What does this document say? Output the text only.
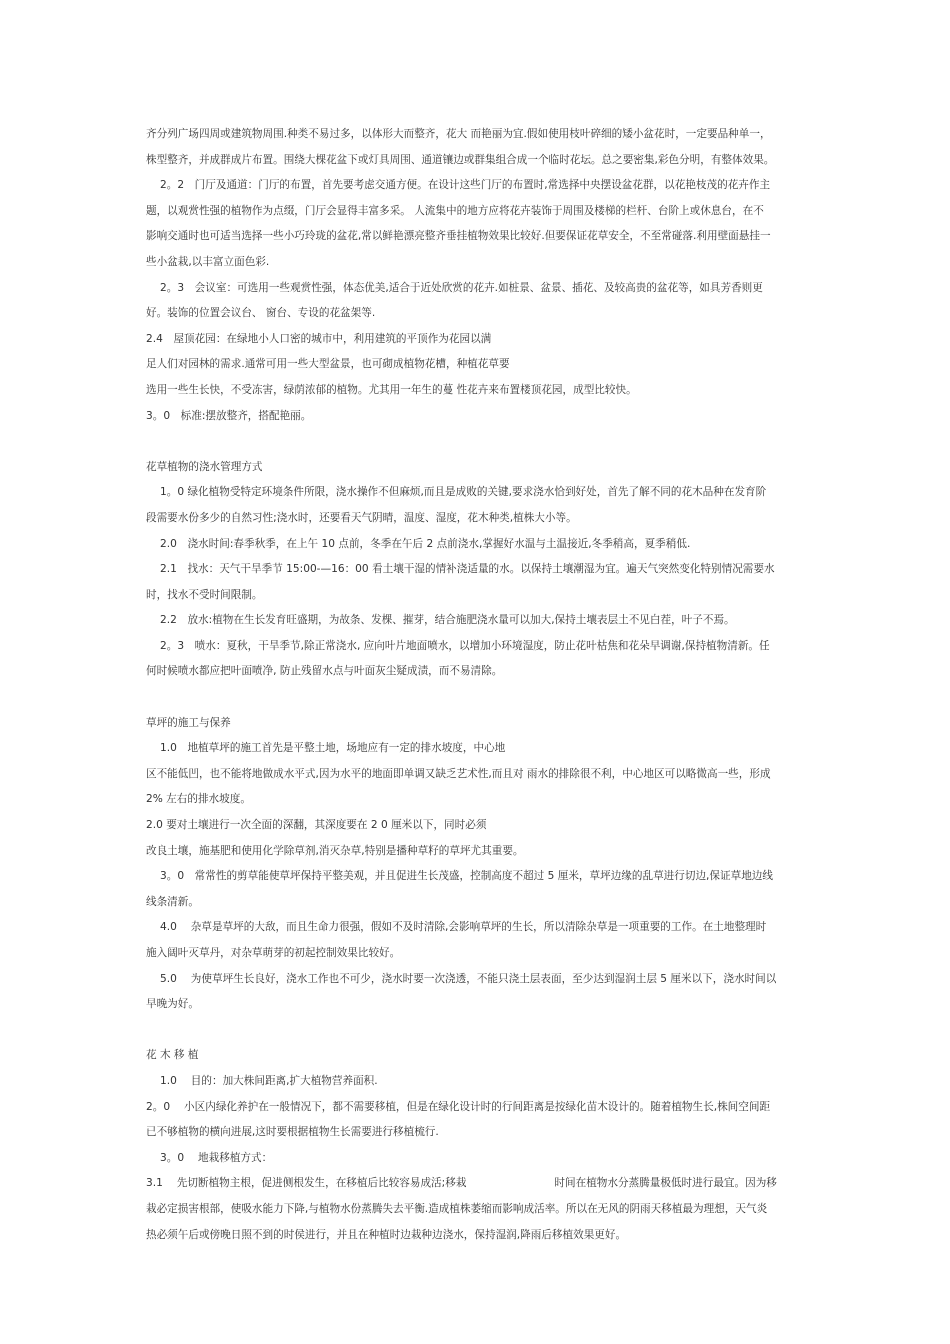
齐分列广场四周或建筑物周围.种类不易过多，以体形大而整齐，花大 而艳丽为宜.假如使用枝叶碎细的矮小盆花时，一定要品种单一，
株型整齐，并成群成片布置。围绕大棵花盆下或灯具周围、通道镶边或群集组合成一个临时花坛。总之要密集,彩色分明，有整体效果。
2。2　门厅及通道：门厅的布置，首先要考虑交通方便。在设计这些门厅的布置时,常选择中央摆设盆花群，以花艳枝茂的花卉作主
题，以观赏性强的植物作为点缀，门厅会显得丰富多采。 人流集中的地方应将花卉装饰于周围及楼梯的栏杆、台阶上或休息台，在不
影响交通时也可适当选择一些小巧玲珑的盆花,常以鲜艳漂亮整齐垂挂植物效果比较好.但要保证花草安全，不至常碰落.利用壁面悬挂一
些小盆栽,以丰富立面色彩.
2。3　会议室：可选用一些观赏性强，体态优美,适合于近处欣赏的花卉.如桩景、盆景、插花、及较高贵的盆花等，如具芳香则更
好。装饰的位置会议台、 窗台、专设的花盆架等.
2.4　屋顶花园：在绿地小人口密的城市中，利用建筑的平顶作为花园以满
足人们对园林的需求.通常可用一些大型盆景，也可砌成植物花槽，种植花草要
选用一些生长快，不受冻害，绿荫浓郁的植物。尤其用一年生的蔓 性花卉来布置楼顶花园，成型比较快。
3。0　标准:摆放整齐，搭配艳丽。
花草植物的浇水管理方式
1。0 绿化植物受特定环境条件所限，浇水操作不但麻烦,而且是成败的关键,要求浇水恰到好处，首先了解不同的花木品种在发育阶
段需要水份多少的自然习性;浇水时，还要看天气阴晴，温度、湿度，花木种类,植株大小等。
2.0　浇水时间:春季秋季，在上午 10 点前，冬季在午后 2 点前浇水,掌握好水温与土温接近,冬季稍高，夏季稍低.
2.1　找水：天气干旱季节 15:00-—16：00 看土壤干湿的情补浇适量的水。以保持土壤潮湿为宜。遍天气突然变化特别情况需要水
时，找水不受时间限制。
2.2　放水:植物在生长发育旺盛期，为故条、发棵、摧芽，结合施肥浇水量可以加大,保持土壤表层土不见白茬，叶子不焉。
2。3　喷水：夏秋，干旱季节,除正常浇水, 应向叶片地面喷水，以增加小环境湿度，防止花叶枯焦和花朵早调谢,保持植物清新。任
何时候喷水都应把叶面喷净, 防止残留水点与叶面灰尘疑成渍，而不易清除。
草坪的施工与保养
1.0　地植草坪的施工首先是平整土地，场地应有一定的排水坡度，中心地
区不能低凹，也不能将地做成水平式,因为水平的地面即单调又缺乏艺术性,而且对 雨水的排除很不利，中心地区可以略微高一些，形成
2% 左右的排水坡度。
2.0 要对土壤进行一次全面的深翻，其深度要在 2 0 厘米以下，同时必须
改良土壤，施基肥和使用化学除草剂,消灭杂草,特别是播种草籽的草坪尤其重要。
3。0　常常性的剪草能使草坪保持平整美观，并且促进生长茂盛，控制高度不超过 5 厘米，草坪边缘的乱草进行切边,保证草地边线
线条清新。
4.0　 杂草是草坪的大敌，而且生命力很强，假如不及时清除,会影响草坪的生长，所以清除杂草是一项重要的工作。在土地整理时
施入阔叶灭草丹，对杂草萌芽的初起控制效果比较好。
5.0　 为使草坪生长良好，浇水工作也不可少，浇水时要一次浇透，不能只浇土层表面，至少达到湿润土层 5 厘米以下，浇水时间以
早晚为好。
花 木 移 植
1.0　 目的：加大株间距离,扩大植物营养面积.
2。0　 小区内绿化养护在一般情况下，都不需要移植，但是在绿化设计时的行间距离是按绿化苗木设计的。随着植物生长,株间空间距
已不够植物的横向进展,这时要根据植物生长需要进行移植梳行.
3。0　 地栽移植方式：
3.1　 先切断植物主根，促进侧根发生，在移植后比较容易成活;移栽	时间在植物水分蒸腾量极低时进行最宜。因为移
栽必定损害根部，使吸水能力下降,与植物水份蒸腾失去平衡.造成植株萎缩而影响成活率。所以在无风的阴雨天移植最为理想，天气炎
热必须午后或傍晚日照不到的时侯进行，并且在种植时边栽种边浇水，保持湿润,降雨后移植效果更好。
